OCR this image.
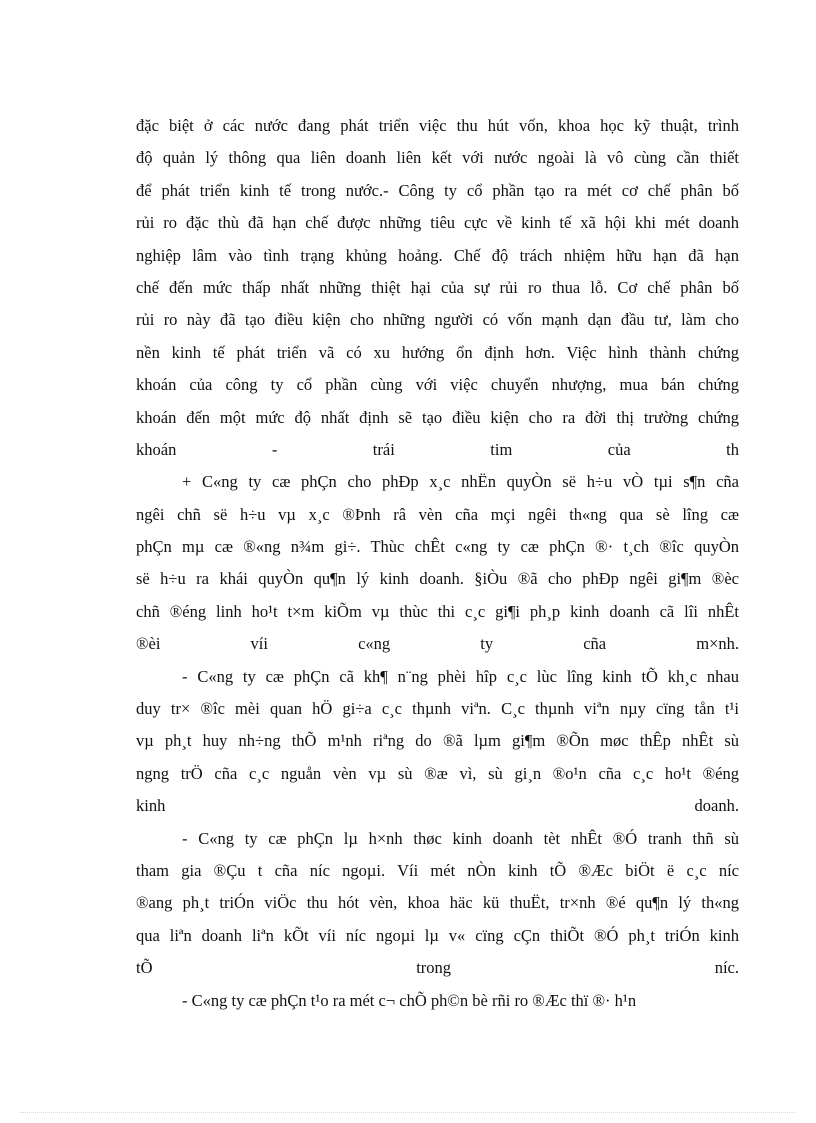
đặc biệt ở các nước đang phát triển việc thu hút vốn, khoa học kỹ thuật, trình
độ quản lý thông qua liên doanh liên kết với nước ngoài là vô cùng cần thiết
để phát triển kinh tế trong nước.- Công ty cổ phần tạo ra mét cơ chế phân bố
rủi ro đặc thù đã hạn chế được những tiêu cực về kinh tế xã hội khi mét doanh
nghiệp lâm vào tình trạng khủng hoảng. Chế độ trách nhiệm hữu hạn đã hạn
chế đến mức thấp nhất những thiệt hại của sự rủi ro thua lỗ. Cơ chế phân bố
rủi ro này đã tạo điều kiện cho những người có vốn mạnh dạn đầu tư, làm cho
nền kinh tế phát triển vã có xu hướng ổn định hơn. Việc hình thành chứng
khoán của công ty cổ phần cùng với việc chuyển nhượng, mua bán chứng
khoán đến một mức độ nhất định sẽ tạo điều kiện cho ra đời thị trường chứng
khoán - trái tim của th
+ C«ng ty cæ phÇn cho phÐp x¸c nhËn quyÒn së h÷u vÒ tµi s¶n cña
ngêi chñ së h÷u vµ x¸c ®Þnh râ vèn cña mçi ngêi th«ng qua sè lîng cæ
phÇn mµ cæ ®«ng n¾m gi÷. Thùc chÊt c«ng ty cæ phÇn ®· t¸ch ®îc quyÒn
së h÷u ra khái quyÒn qu¶n lý kinh doanh. §iÒu ®ã cho phÐp ngêi gi¶m ®èc
chñ ®éng linh ho¹t t×m kiÕm vµ thùc thi c¸c gi¶i ph¸p kinh doanh cã lîi nhÊt
®èi víi c«ng ty cña m×nh.
- C«ng ty cæ phÇn cã kh¶ n¨ng phèi hîp c¸c lùc lîng kinh tÕ kh¸c nhau
duy tr× ®îc mèi quan hÖ gi÷a c¸c thµnh viªn. C¸c thµnh viªn nµy cïng tån t¹i
vµ ph¸t huy nh÷ng thÕ m¹nh riªng do ®ã lµm gi¶m ®Õn møc thÊp nhÊt sù
ngng trÖ cña c¸c nguån vèn vµ sù ®æ vì, sù gi¸n ®o¹n cña c¸c ho¹t ®éng
kinh doanh.
- C«ng ty cæ phÇn lµ h×nh thøc kinh doanh tèt nhÊt ®Ó tranh thñ sù
tham gia ®Çu t cña níc ngoµi. Víi mét nÒn kinh tÕ ®Æc biÖt ë c¸c níc
®ang ph¸t triÓn viÖc thu hót vèn, khoa häc kü thuËt, tr×nh ®é qu¶n lý th«ng
qua liªn doanh liªn kÕt víi níc ngoµi lµ v« cïng cÇn thiÕt ®Ó ph¸t triÓn kinh
tÕ trong níc.
- C«ng ty cæ phÇn t¹o ra mét c¬ chÕ ph©n bè rñi ro ®Æc thï ®· h¹n
